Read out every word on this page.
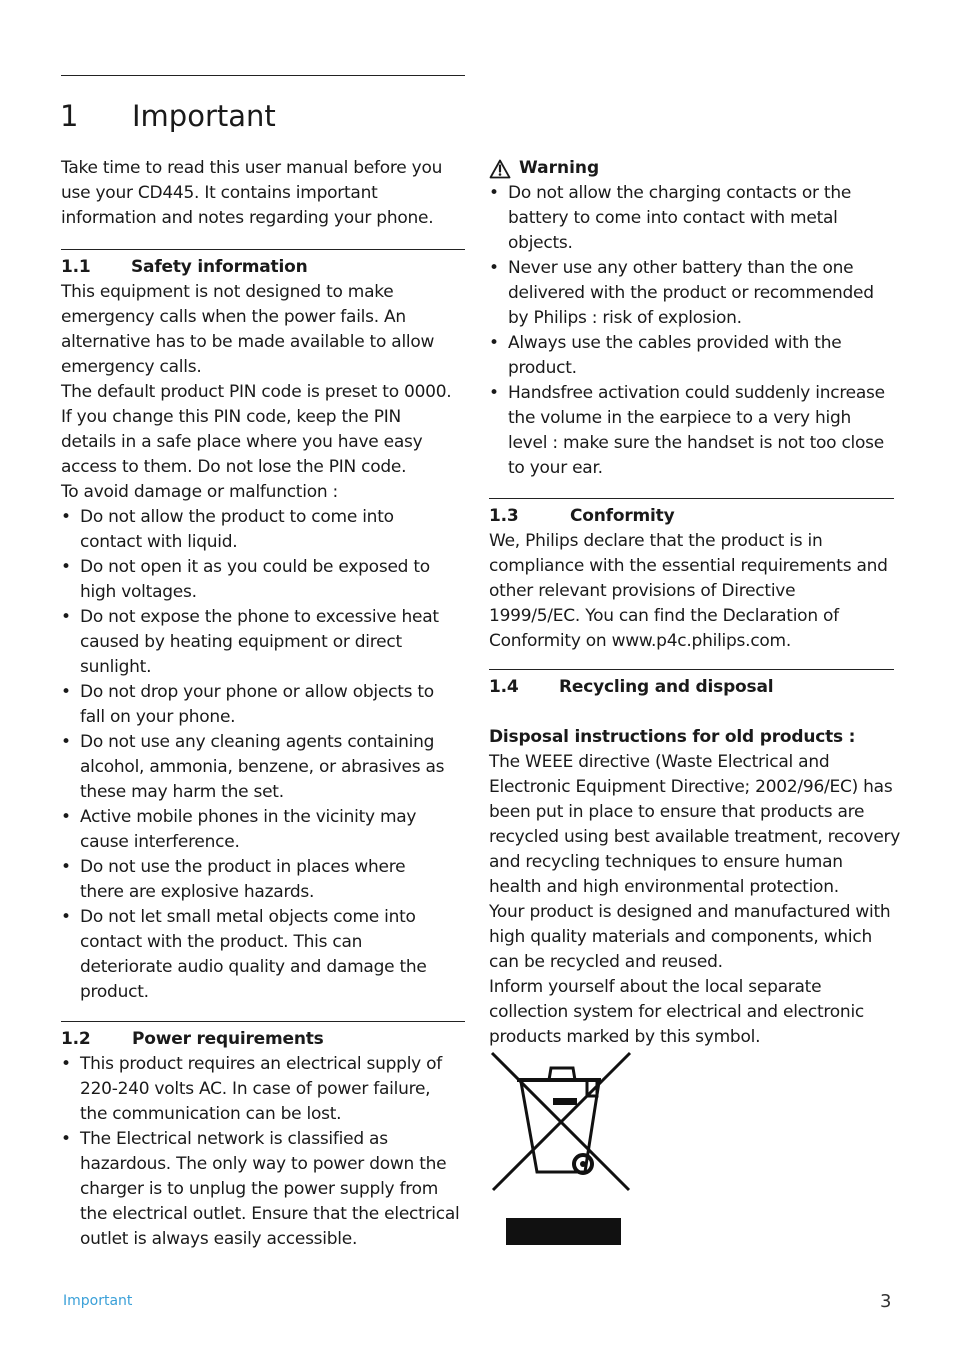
1 Important

Take time to read this user manual before you

use your CD445. It contains important

information and notes regarding your phone.

1.1 Safety information

This equipment is not designed to make

emergency calls when the power fails. An

alternative has to be made available to allow

emergency calls.

The default product PIN code is preset to 0000.

If you change this PIN code, keep the PIN

details in a safe place where you have easy

access to them. Do not lose the PIN code.

To avoid damage or malfunction :

• Do not allow the product to come into
contact with liquid.
• Do not open it as you could be exposed to
high voltages.
• Do not expose the phone to excessive heat
caused by heating equipment or direct
sunlight.
• Do not drop your phone or allow objects to
fall on your phone.
• Do not use any cleaning agents containing
alcohol, ammonia, benzene, or abrasives as
these may harm the set.
• Active mobile phones in the vicinity may
cause interference.
• Do not use the product in places where
there are explosive hazards.
• Do not let small metal objects come into
contact with the product. This can
deteriorate audio quality and damage the
product.

1.2 Power requirements

• This product requires an electrical supply of
220-240 volts AC. In case of power failure,
the communication can be lost.
• The Electrical network is classified as
hazardous. The only way to power down the
charger is to unplug the power supply from
the electrical outlet. Ensure that the electrical
outlet is always easily accessible.
Warning
• Do not allow the charging contacts or the
battery to come into contact with metal
objects.
• Never use any other battery than the one
delivered with the product or recommended
by Philips : risk of explosion.
• Always use the cables provided with the
product.
• Handsfree activation could suddenly increase
the volume in the earpiece to a very high
level : make sure the handset is not too close
to your ear.

1.3	Conformity

We, Philips declare that the product is in

compliance with the essential requirements and

other relevant provisions of Directive

1999/5/EC. You can find the Declaration of

Conformity on www.p4c.philips.com.

1.4 Recycling and disposal

Disposal instructions for old products :

The WEEE directive (Waste Electrical and

Electronic Equipment Directive; 2002/96/EC) has

been put in place to ensure that products are

recycled using best available treatment, recovery

and recycling techniques to ensure human

health and high environmental protection.

Your product is designed and manufactured with

high quality materials and components, which

can be recycled and reused.

Inform yourself about the local separate

collection system for electrical and electronic

products marked by this symbol.

Important	3
